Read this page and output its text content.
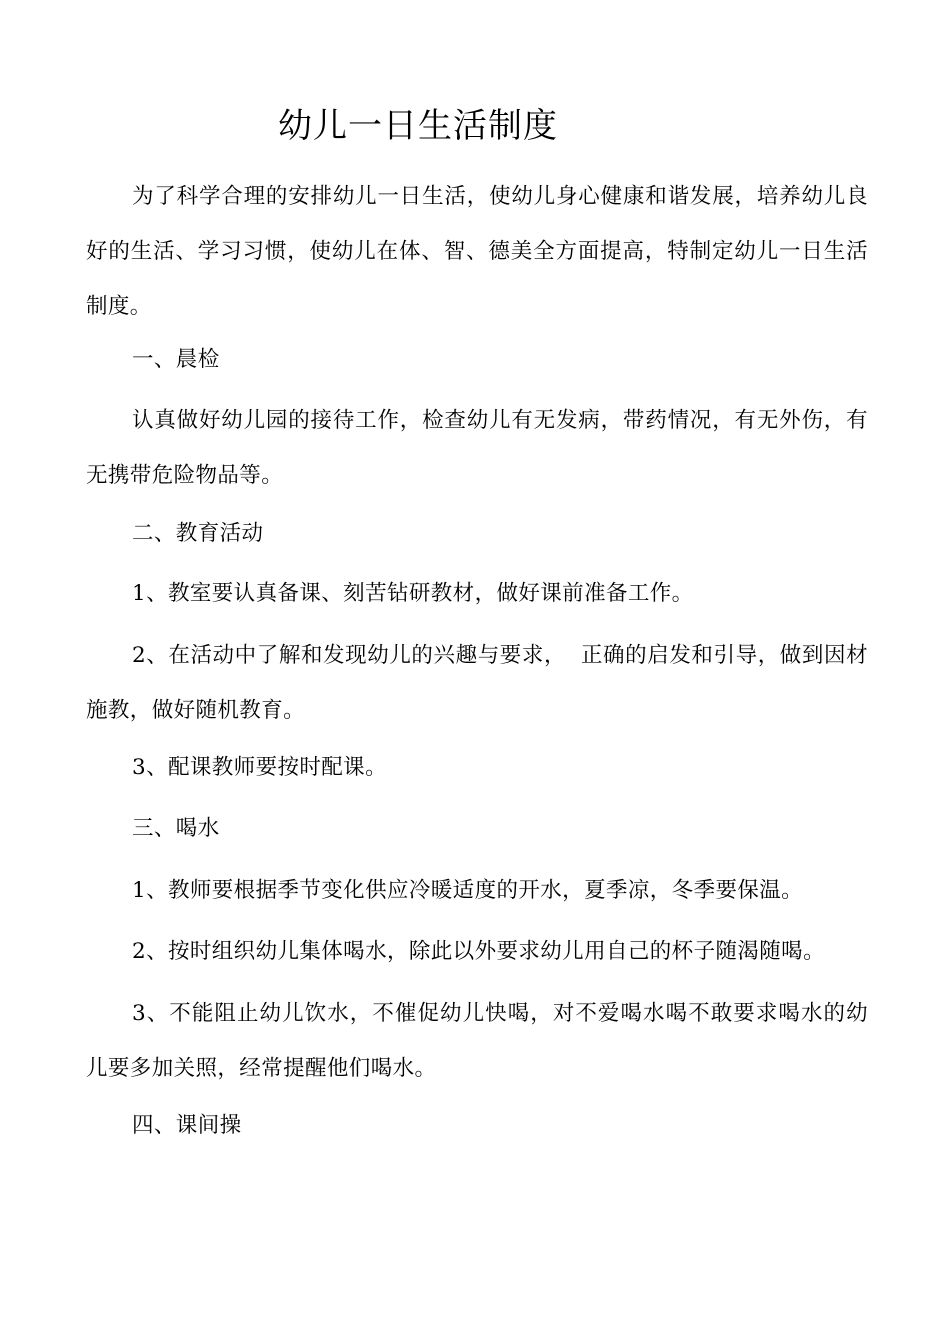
幼儿一日生活制度
为了科学合理的安排幼儿一日生活，使幼儿身心健康和谐发展，培养幼儿良好的生活、学习习惯，使幼儿在体、智、德美全方面提高，特制定幼儿一日生活制度。
一、晨检
认真做好幼儿园的接待工作，检查幼儿有无发病，带药情况，有无外伤，有无携带危险物品等。
二、教育活动
1、教室要认真备课、刻苦钻研教材，做好课前准备工作。
2、在活动中了解和发现幼儿的兴趣与要求，  正确的启发和引导，做到因材施教，做好随机教育。
3、配课教师要按时配课。
三、喝水
1、教师要根据季节变化供应冷暖适度的开水，夏季凉，冬季要保温。
2、按时组织幼儿集体喝水，除此以外要求幼儿用自己的杯子随渴随喝。
3、不能阻止幼儿饮水，不催促幼儿快喝，对不爱喝水喝不敢要求喝水的幼儿要多加关照，经常提醒他们喝水。
四、课间操
